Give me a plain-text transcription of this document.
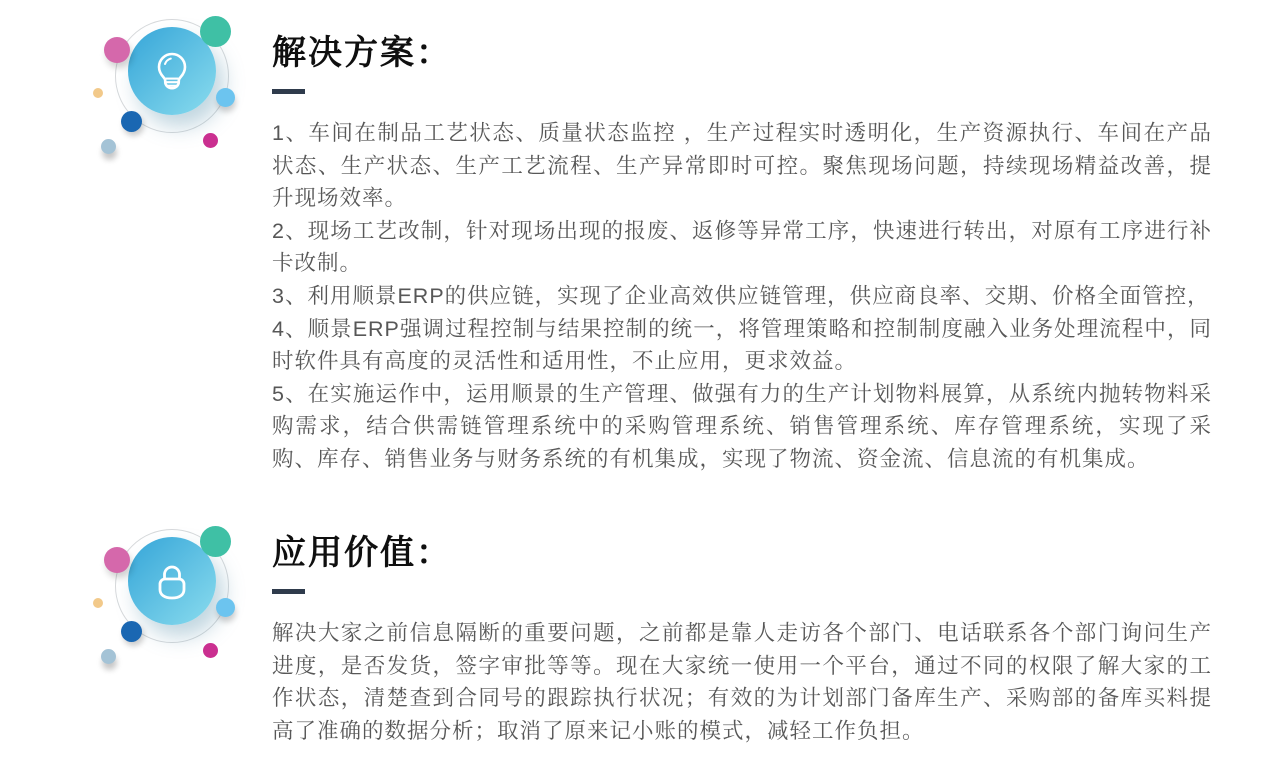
解决方案：

1、车间在制品工艺状态、质量状态监控 ，生产过程实时透明化，生产资源执行、车间在产品状态、生产状态、生产工艺流程、生产异常即时可控。聚焦现场问题，持续现场精益改善，提升现场效率。

2、现场工艺改制，针对现场出现的报废、返修等异常工序，快速进行转出，对原有工序进行补卡改制。

3、利用顺景ERP的供应链，实现了企业高效供应链管理，供应商良率、交期、价格全面管控，

4、顺景ERP强调过程控制与结果控制的统一，将管理策略和控制制度融入业务处理流程中，同时软件具有高度的灵活性和适用性，不止应用，更求效益。

5、在实施运作中，运用顺景的生产管理、做强有力的生产计划物料展算，从系统内抛转物料采购需求，结合供需链管理系统中的采购管理系统、销售管理系统、库存管理系统，实现了采购、库存、销售业务与财务系统的有机集成，实现了物流、资金流、信息流的有机集成。

应用价值：

解决大家之前信息隔断的重要问题，之前都是靠人走访各个部门、电话联系各个部门询问生产进度，是否发货，签字审批等等。现在大家统一使用一个平台，通过不同的权限了解大家的工作状态，清楚查到合同号的跟踪执行状况；有效的为计划部门备库生产、采购部的备库买料提高了准确的数据分析；取消了原来记小账的模式，减轻工作负担。
